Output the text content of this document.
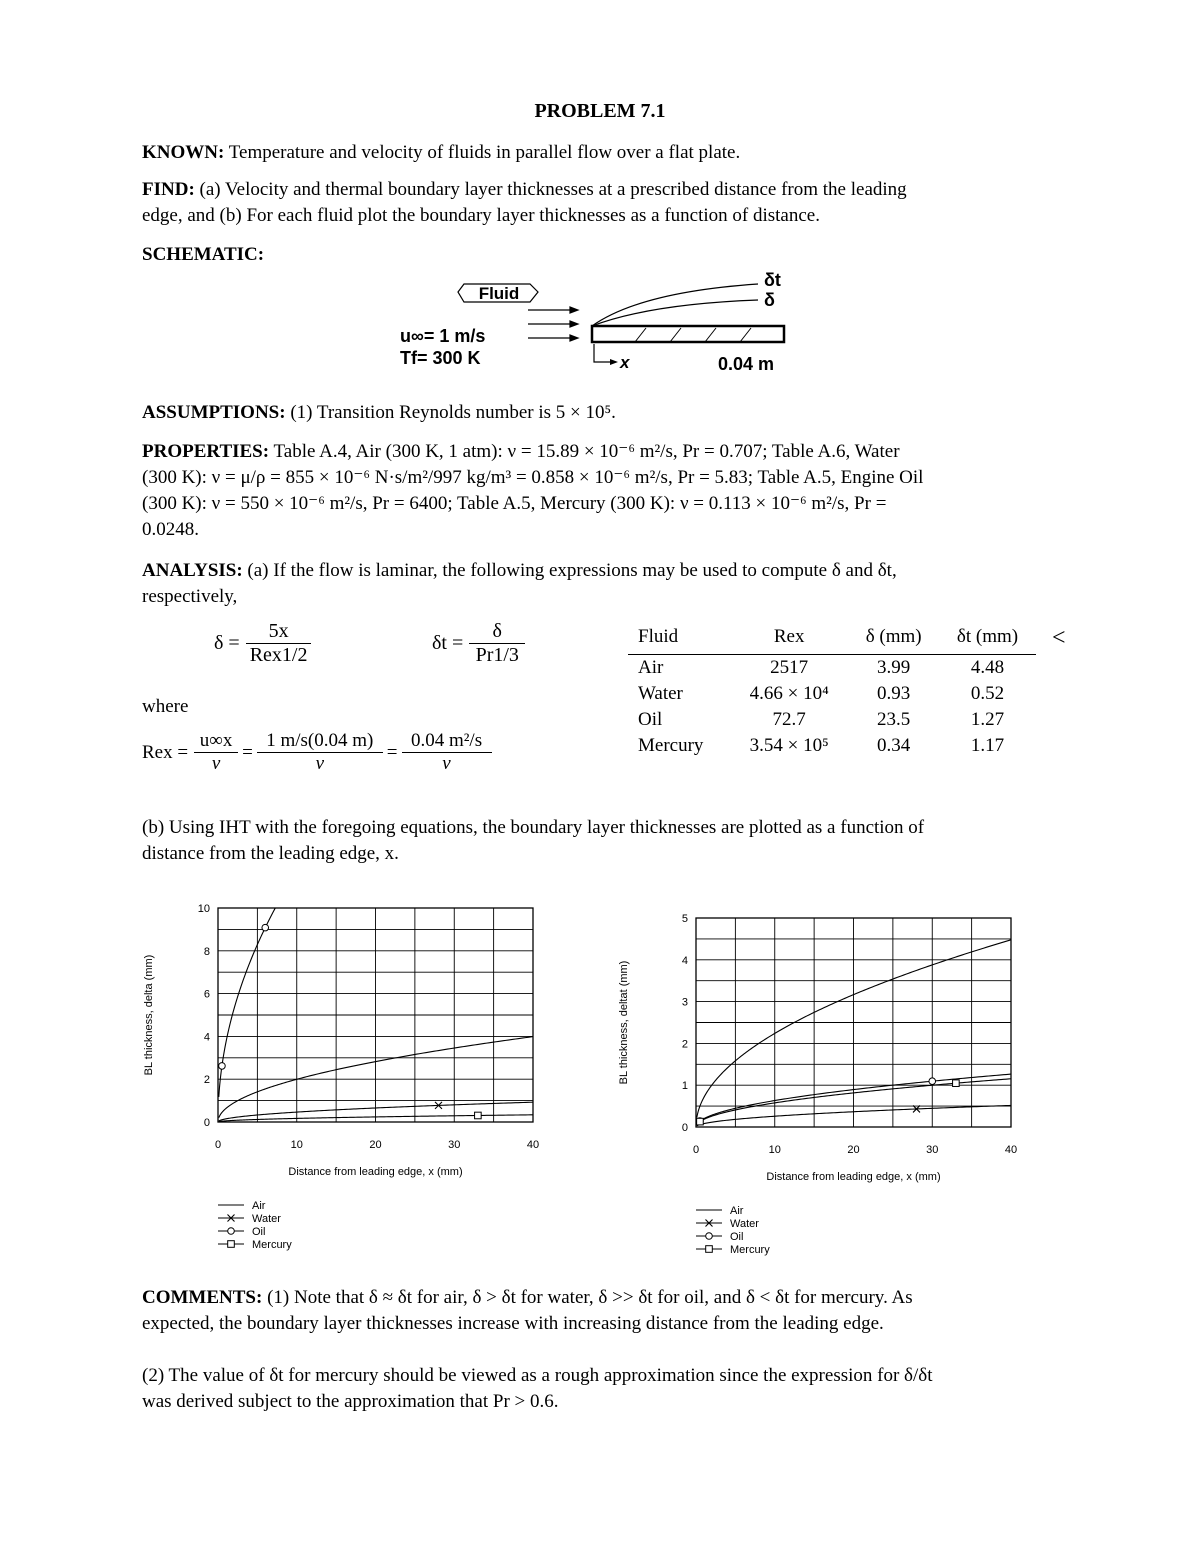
PROBLEM 7.1
KNOWN: Temperature and velocity of fluids in parallel flow over a flat plate.
FIND: (a) Velocity and thermal boundary layer thicknesses at a prescribed distance from the leading
edge, and (b) For each fluid plot the boundary layer thicknesses as a function of distance.
SCHEMATIC:
Fluid
u∞= 1 m/s
Tf= 300 K
δt
δ
x	0.04 m
ASSUMPTIONS: (1) Transition Reynolds number is 5 × 10⁵.
PROPERTIES: Table A.4, Air (300 K, 1 atm): ν = 15.89 × 10⁻⁶ m²/s, Pr = 0.707; Table A.6, Water
(300 K): ν = μ/ρ = 855 × 10⁻⁶ N·s/m²/997 kg/m³ = 0.858 × 10⁻⁶ m²/s, Pr = 5.83; Table A.5, Engine Oil
(300 K): ν = 550 × 10⁻⁶ m²/s, Pr = 6400; Table A.5, Mercury (300 K): ν = 0.113 × 10⁻⁶ m²/s, Pr =
0.0248.
ANALYSIS: (a) If the flow is laminar, the following expressions may be used to compute δ and δt,
respectively,
$\delta = \frac{5x}{\text{Rex1/2}}$	$\delta t = \frac{\delta}{Pr1/3}$
where
Rex = $\frac{u\infty x}{\nu} = \frac{1 m/s(0.04 m)}{\nu} = \frac{\text{0.04 m²/s}}{\nu}$
Fluid	Rex	δ (mm)	δt (mm)
Air	2517	3.99	4.48
Water	4.66 × 10⁴	0.93	0.52
Oil	72.7	23.5	1.27
Mercury	3.54 × 10⁵	0.34	1.17
<
(b) Using IHT with the foregoing equations, the boundary layer thicknesses are plotted as a function of
distance from the leading edge, x.
0	10	20	30	40
0
2
4
6
8
10
Distance from leading edge, x (mm)
BL thickness, delta (mm)
Air
Water
Oil
Mercury
0	10	20	30	40
0
1
2
3
4
5
Distance from leading edge, x (mm)
BL thickness, deltat (mm)
Air
Water
Oil
Mercury
COMMENTS: (1) Note that δ ≈ δt for air, δ > δt for water, δ >> δt for oil, and δ < δt for mercury. As
expected, the boundary layer thicknesses increase with increasing distance from the leading edge.
(2) The value of δt for mercury should be viewed as a rough approximation since the expression for δ/δt
was derived subject to the approximation that Pr > 0.6.
